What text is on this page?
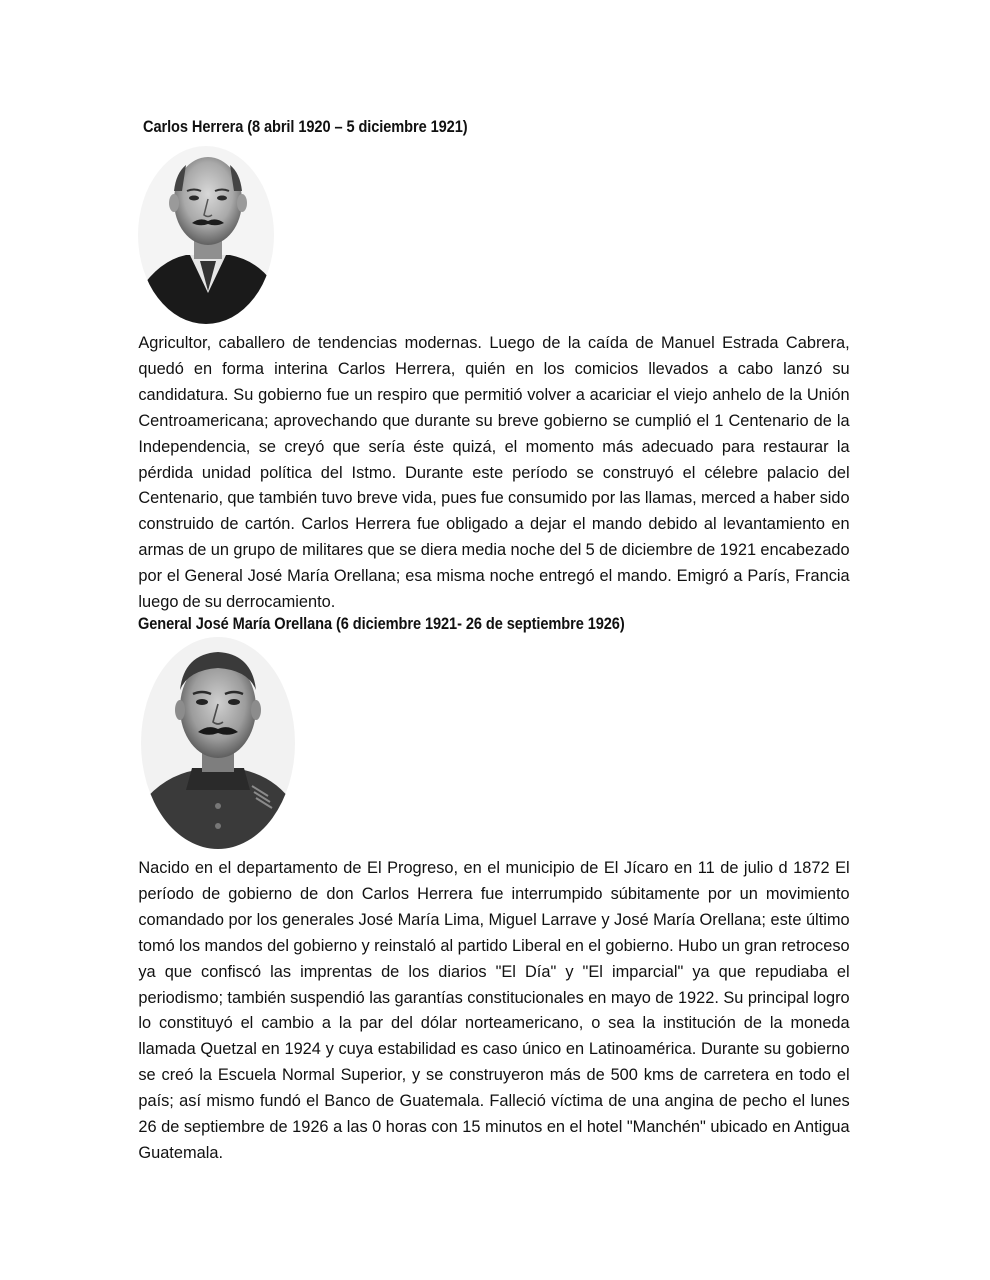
Carlos Herrera (8 abril 1920 – 5 diciembre 1921)

Agricultor, caballero de tendencias modernas. Luego de la caída de Manuel Estrada Cabrera, quedó en forma interina Carlos Herrera, quién en los comicios llevados a cabo lanzó su candidatura. Su gobierno fue un respiro que permitió volver a acariciar el viejo anhelo de la Unión Centroamericana; aprovechando que durante su breve gobierno se cumplió el 1 Centenario de la Independencia, se creyó que sería éste quizá, el momento más adecuado para restaurar la pérdida unidad política del Istmo. Durante este período se construyó el célebre palacio del Centenario, que también tuvo breve vida, pues fue consumido por las llamas, merced a haber sido construido de cartón. Carlos Herrera fue obligado a dejar el mando debido al levantamiento en armas de un grupo de militares que se diera media noche del 5 de diciembre de 1921 encabezado por el General José María Orellana; esa misma noche entregó el mando. Emigró a París, Francia luego de su derrocamiento.

General José María Orellana (6 diciembre 1921- 26 de septiembre 1926)

Nacido en el departamento de El Progreso, en el municipio de El Jícaro en 11 de julio d 1872 El período de gobierno de don Carlos Herrera fue interrumpido súbitamente por un movimiento comandado por los generales José María Lima, Miguel Larrave y José María Orellana; este último tomó los mandos del gobierno y reinstaló al partido Liberal en el gobierno. Hubo un gran retroceso ya que confiscó las imprentas de los diarios "El Día" y "El imparcial" ya que repudiaba el periodismo; también suspendió las garantías constitucionales en mayo de 1922. Su principal logro lo constituyó el cambio a la par del dólar norteamericano, o sea la institución de la moneda llamada Quetzal en 1924 y cuya estabilidad es caso único en Latinoamérica. Durante su gobierno se creó la Escuela Normal Superior, y se construyeron más de 500 kms de carretera en todo el país; así mismo fundó el Banco de Guatemala. Falleció víctima de una angina de pecho el lunes 26 de septiembre de 1926 a las 0 horas con 15 minutos en el hotel "Manchén" ubicado en Antigua Guatemala.
